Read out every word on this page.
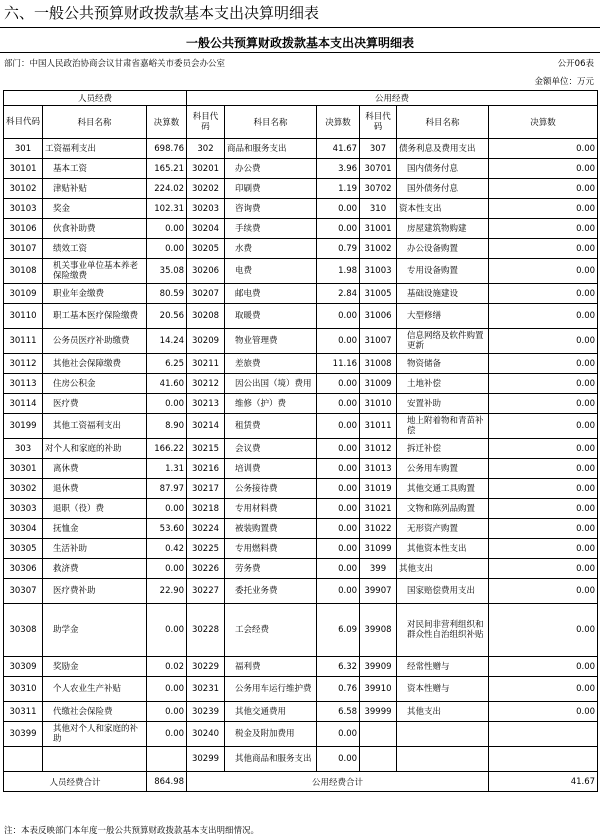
六、一般公共预算财政拨款基本支出决算明细表
一般公共预算财政拨款基本支出决算明细表
部门：中国人民政治协商会议甘肃省嘉峪关市委员会办公室	公开06表
金额单位：万元
人员经费			公用经费					
科目代码	科目名称	决算数	科目代码	科目名称	决算数	科目代码	科目名称	决算数
301	工资福利支出	698.76	302	商品和服务支出	41.67	307	债务利息及费用支出	0.00
30101	基本工资	165.21	30201	办公费	3.96	30701	国内债务付息	0.00
30102	津贴补贴	224.02	30202	印刷费	1.19	30702	国外债务付息	0.00
30103	奖金	102.31	30203	咨询费	0.00	310	资本性支出	0.00
30106	伙食补助费	0.00	30204	手续费	0.00	31001	房屋建筑物购建	0.00
30107	绩效工资	0.00	30205	水费	0.79	31002	办公设备购置	0.00
30108	机关事业单位基本养老保险缴费	35.08	30206	电费	1.98	31003	专用设备购置	0.00
30109	职业年金缴费	80.59	30207	邮电费	2.84	31005	基础设施建设	0.00
30110	职工基本医疗保险缴费	20.56	30208	取暖费	0.00	31006	大型修缮	0.00
30111	公务员医疗补助缴费	14.24	30209	物业管理费	0.00	31007	信息网络及软件购置更新	0.00
30112	其他社会保障缴费	6.25	30211	差旅费	11.16	31008	物资储备	0.00
30113	住房公积金	41.60	30212	因公出国（境）费用	0.00	31009	土地补偿	0.00
30114	医疗费	0.00	30213	维修（护）费	0.00	31010	安置补助	0.00
30199	其他工资福利支出	8.90	30214	租赁费	0.00	31011	地上附着物和青苗补偿	0.00
303	对个人和家庭的补助	166.22	30215	会议费	0.00	31012	拆迁补偿	0.00
30301	离休费	1.31	30216	培训费	0.00	31013	公务用车购置	0.00
30302	退休费	87.97	30217	公务接待费	0.00	31019	其他交通工具购置	0.00
30303	退职（役）费	0.00	30218	专用材料费	0.00	31021	文物和陈列品购置	0.00
30304	抚恤金	53.60	30224	被装购置费	0.00	31022	无形资产购置	0.00
30305	生活补助	0.42	30225	专用燃料费	0.00	31099	其他资本性支出	0.00
30306	救济费	0.00	30226	劳务费	0.00	399	其他支出	0.00
30307	医疗费补助	22.90	30227	委托业务费	0.00	39907	国家赔偿费用支出	0.00
30308	助学金	0.00	30228	工会经费	6.09	39908	对民间非营利组织和群众性自治组织补贴	0.00
30309	奖励金	0.02	30229	福利费	6.32	39909	经常性赠与	0.00
30310	个人农业生产补贴	0.00	30231	公务用车运行维护费	0.76	39910	资本性赠与	0.00
30311	代缴社会保险费	0.00	30239	其他交通费用	6.58	39999	其他支出	0.00
30399	其他对个人和家庭的补助	0.00	30240	税金及附加费用	0.00			
			30299	其他商品和服务支出	0.00			
人员经费合计		864.98	公用经费合计					41.67
注：本表反映部门本年度一般公共预算财政拨款基本支出明细情况。
